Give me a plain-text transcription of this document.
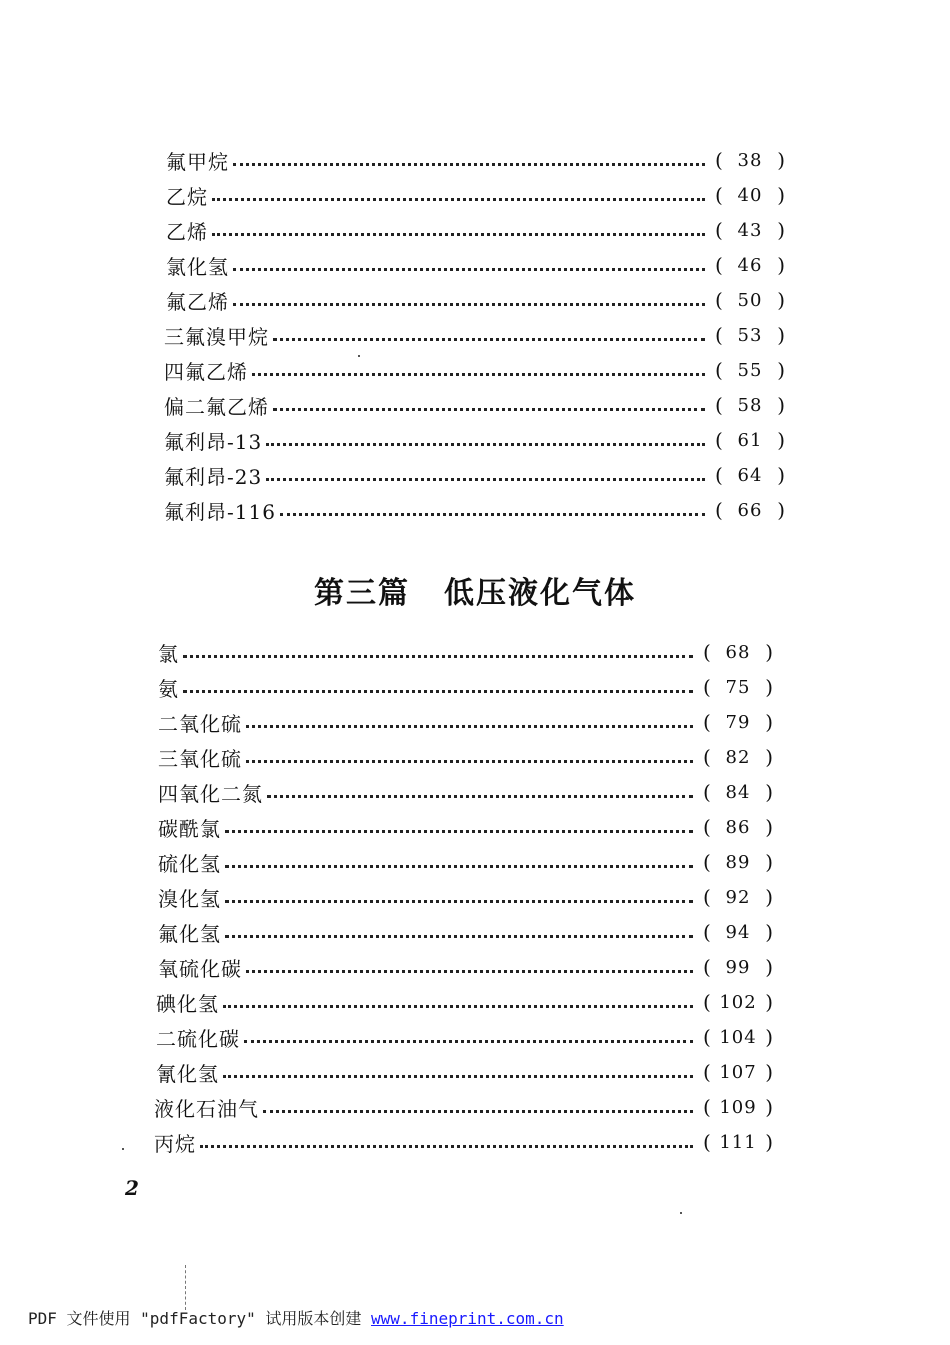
氟甲烷	( 38 )
乙烷	( 40 )
乙烯	( 43 )
氯化氢	( 46 )
氟乙烯	( 50 )
三氟溴甲烷	( 53 )
四氟乙烯	( 55 )
偏二氟乙烯	( 58 )
氟利昂-13	( 61 )
氟利昂-23	( 64 )
氟利昂-116	( 66 )
第三篇 低压液化气体
氯	( 68 )
氨	( 75 )
二氧化硫	( 79 )
三氧化硫	( 82 )
四氧化二氮	( 84 )
碳酰氯	( 86 )
硫化氢	( 89 )
溴化氢	( 92 )
氟化氢	( 94 )
氧硫化碳	( 99 )
碘化氢	( 102 )
二硫化碳	( 104 )
氰化氢	( 107 )
液化石油气	( 109 )
丙烷	( 111 )
2
PDF 文件使用 "pdfFactory" 试用版本创建 www.fineprint.com.cn
